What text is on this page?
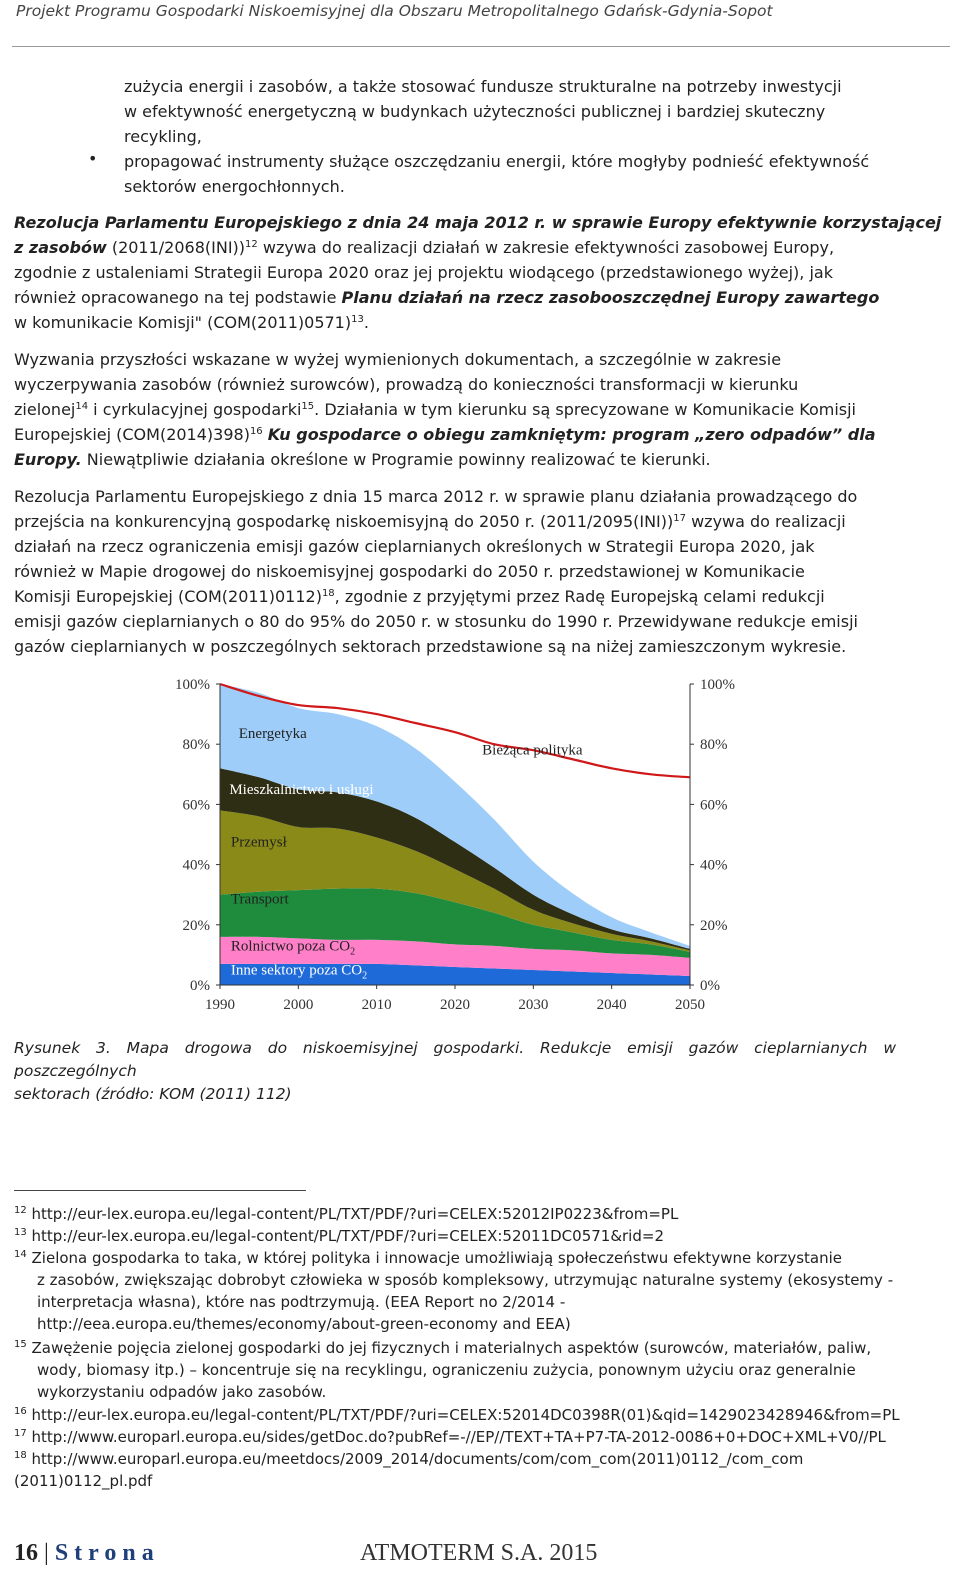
Projekt Programu Gospodarki Niskoemisyjnej dla Obszaru Metropolitalnego Gdańsk-Gdynia-Sopot
zużycia energii i zasobów, a także stosować fundusze strukturalne na potrzeby inwestycji
w efektywność energetyczną w budynkach użyteczności publicznej i bardziej skuteczny
recykling,
• propagować instrumenty służące oszczędzaniu energii, które mogłyby podnieść efektywność
sektorów energochłonnych.
Rezolucja Parlamentu Europejskiego z dnia 24 maja 2012 r. w sprawie Europy efektywnie korzystającej
z zasobów $(2011/2068(INI))^{12}$ wzywa do realizacji działań w zakresie efektywności zasobowej Europy,
zgodnie z ustaleniami Strategii Europa 2020 oraz jej projektu wiodącego (przedstawionego wyżej), jak
również opracowanego na tej podstawie Planu działań na rzecz zasobooszczędnej Europy zawartego
w komunikacie Komisji" $(COM(2011)0571)^{13}$.
Wyzwania przyszłości wskazane w wyżej wymienionych dokumentach, a szczególnie w zakresie
wyczerpywania zasobów (również surowców), prowadzą do konieczności transformacji w kierunku
zielonej$^{14}$ i cyrkulacyjnej gospodarki$^{15}$. Działania w tym kierunku są sprecyzowane w Komunikacie Komisji
Europejskiej $(COM(2014)398)^{16}$ Ku gospodarce o obiegu zamkniętym: program „zero odpadów” dla
Europy. Niewątpliwie działania określone w Programie powinny realizować te kierunki.
Rezolucja Parlamentu Europejskiego z dnia 15 marca 2012 r. w sprawie planu działania prowadzącego do
przejścia na konkurencyjną gospodarkę niskoemisyjną do 2050 r. $(2011/2095(INI))^{17}$ wzywa do realizacji
działań na rzecz ograniczenia emisji gazów cieplarnianych określonych w Strategii Europa 2020, jak
również w Mapie drogowej do niskoemisyjnej gospodarki do 2050 r. przedstawionej w Komunikacie
Komisji Europejskiej $(COM(2011)0112)^{18}$, zgodnie z przyjętymi przez Radę Europejską celami redukcji
emisji gazów cieplarnianych o 80 do 95% do 2050 r. w stosunku do 1990 r. Przewidywane redukcje emisji
gazów cieplarnianych w poszczególnych sektorach przedstawione są na niżej zamieszczonym wykresie.
0%	0%
20%	20%
40%	40%
60%	60%
80%	80%
100%	100%
1990	2000	2010	2020	2030	2040	2050
Bieżąca polityka
Inne sektory poza $CO_2$
Rolnictwo poza $CO_2$
Transport
Przemysł
Mieszkalnictwo i usługi
Energetyka
Rysunek 3. Mapa drogowa do niskoemisyjnej gospodarki. Redukcje emisji gazów cieplarnianych w poszczególnych
sektorach (źródło: KOM (2011) 112)
$^{12}$ http://eur-lex.europa.eu/legal-content/PL/TXT/PDF/?uri=CELEX:52012IP0223&from=PL
$^{13}$ http://eur-lex.europa.eu/legal-content/PL/TXT/PDF/?uri=CELEX:52011DC0571&rid=2
$^{14}$ Zielona gospodarka to taka, w której polityka i innowacje umożliwiają społeczeństwu efektywne korzystanie
z zasobów, zwiększając dobrobyt człowieka w sposób kompleksowy, utrzymując naturalne systemy (ekosystemy -
interpretacja własna), które nas podtrzymują. (EEA Report no 2/2014 -
http://eea.europa.eu/themes/economy/about-green-economy and EEA)
$^{15}$ Zawężenie pojęcia zielonej gospodarki do jej fizycznych i materialnych aspektów (surowców, materiałów, paliw,
wody, biomasy itp.) – koncentruje się na recyklingu, ograniczeniu zużycia, ponownym użyciu oraz generalnie
wykorzystaniu odpadów jako zasobów.
$^{16}$ http://eur-lex.europa.eu/legal-content/PL/TXT/PDF/?uri=CELEX:52014DC0398R(01)&qid=1429023428946&from=PL
$^{17}$ http://www.europarl.europa.eu/sides/getDoc.do?pubRef=-//EP//TEXT+TA+P7-TA-2012-0086+0+DOC+XML+V0//PL
$^{18}$ http://www.europarl.europa.eu/meetdocs/2009_2014/documents/com/com_com(2011)0112_/com_com
(2011)0112_pl.pdf
16 | Strona	ATMOTERM S.A. 2015
